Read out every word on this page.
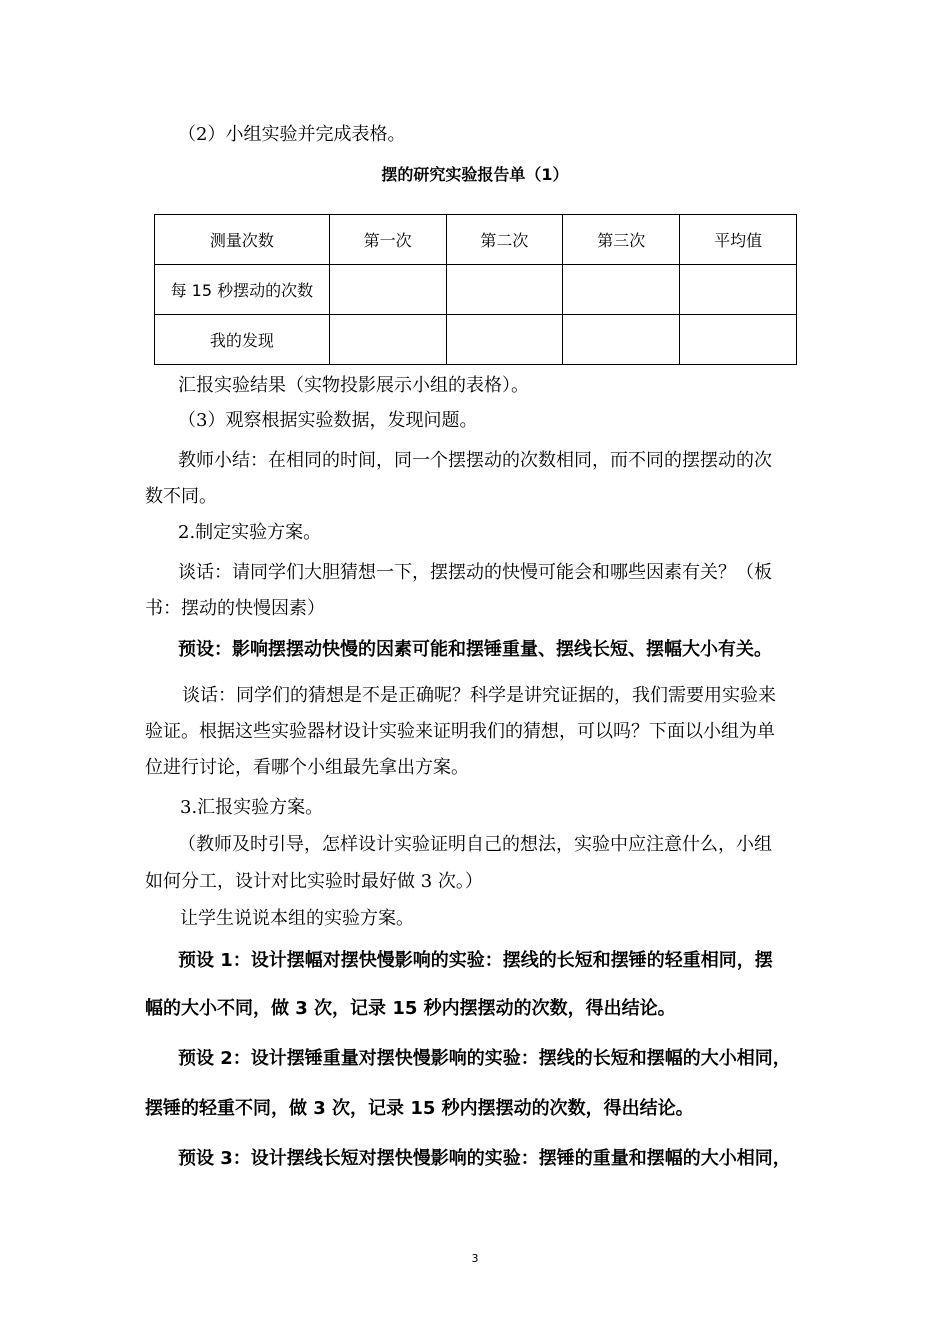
（2）小组实验并完成表格。
摆的研究实验报告单（1）
测量次数	第一次	第二次	第三次	平均值
每 15 秒摆动的次数				
我的发现				
汇报实验结果（实物投影展示小组的表格）。
（3）观察根据实验数据，发现问题。
教师小结：在相同的时间，同一个摆摆动的次数相同，而不同的摆摆动的次
数不同。
2.制定实验方案。
谈话：请同学们大胆猜想一下，摆摆动的快慢可能会和哪些因素有关？（板
书：摆动的快慢因素）
预设：影响摆摆动快慢的因素可能和摆锤重量、摆线长短、摆幅大小有关。
谈话：同学们的猜想是不是正确呢？科学是讲究证据的，我们需要用实验来
验证。根据这些实验器材设计实验来证明我们的猜想，可以吗？下面以小组为单
位进行讨论，看哪个小组最先拿出方案。
3.汇报实验方案。
（教师及时引导，怎样设计实验证明自己的想法，实验中应注意什么，小组
如何分工，设计对比实验时最好做 3 次。）
让学生说说本组的实验方案。
预设 1：设计摆幅对摆快慢影响的实验：摆线的长短和摆锤的轻重相同，摆
幅的大小不同，做 3 次，记录 15 秒内摆摆动的次数，得出结论。
预设 2：设计摆锤重量对摆快慢影响的实验：摆线的长短和摆幅的大小相同，
摆锤的轻重不同，做 3 次，记录 15 秒内摆摆动的次数，得出结论。
预设 3：设计摆线长短对摆快慢影响的实验：摆锤的重量和摆幅的大小相同，
3
